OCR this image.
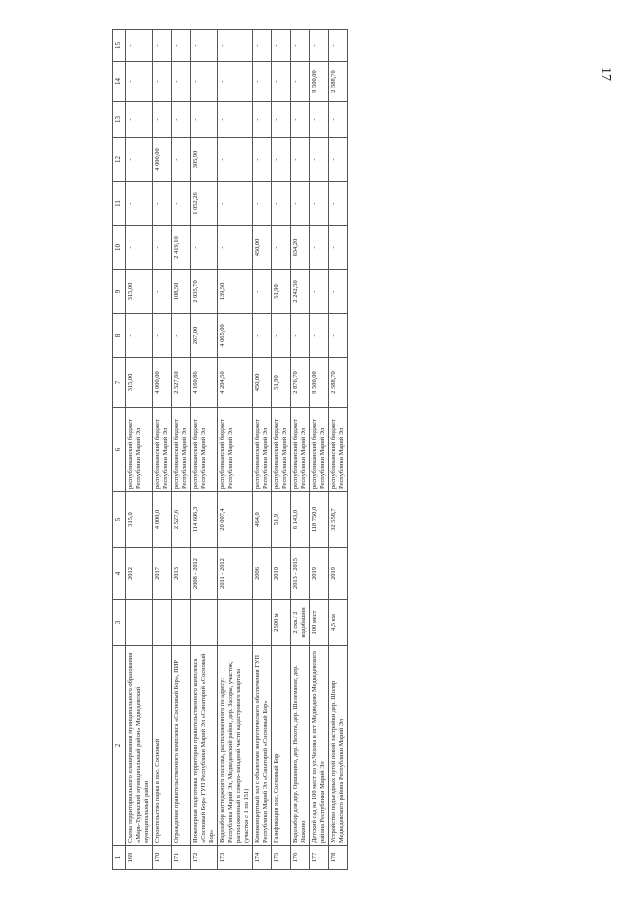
17
1	2	3	4	5	6	7	8	9	10	11	12	13	14	15
169	Схема территориального планирования муниципального образования «Марь-Турекский муниципальный район» Медведевский муниципальный район		2012	315,0	республиканский бюджет Республики Марий Эл	315,00	-	315,00	-	-	-	-	-	-
170	Строительство парка в пос. Сосновый		2017	4 000,0	республиканский бюджет Республики Марий Эл	4 000,00	-	-	-	-	4 000,00	-	-	-
171	Ограждение правительственного комплекса «Сосновый Бор», ПИР		2013	2 527,6	республиканский бюджет Республики Марий Эл	2 527,60	-	108,50	2 419,10	-	-	-	-	-
172	Инженерная подготовка территории правительственного комплекса «Сосновый Бор» ГУП Республики Марий Эл «Санаторий «Сосновый Бор»		2008 - 2012	114 606,3	республиканский бюджет Республики Марий Эл	4 160,86	267,00	2 035,70	-	1 052,26	305,90	-	-	-
173	Водозабор коттеджного поселка, расположенного по адресу: Республика Марий Эл, Медведевский район, дер. Засоры, участок, расположенный в северо-западной части кадастрового квартала (участки с 1 по 151)		2011 - 2012	20 007,4	республиканский бюджет Республики Марий Эл	4 204,50	4 065,00	139,50	-	-	-	-	-	-
174	Киноконцертный зал с объектами энергетического обеспечения ГУП Республики Марий Эл «Санаторий «Сосновый Бор»		2006	464,0	республиканский бюджет Республики Марий Эл	450,00	-	-	450,00	-	-	-	-	-
175	Газификация пос. Сосновый Бор	2500 м	2010	51,9	республиканский бюджет Республики Марий Эл	51,90	-	51,90	-	-	-	-	-	-
176	Водозабор для дер. Оршанино, дер. Нехота, дер. Шелеманат, дер. Яшкино	2 скв./ 2 водобашни	2013 - 2015	6 143,0	республиканский бюджет Республики Марий Эл	2 876,70	-	2 242,50	634,20	-	-	-	-	-
177	Детский сад на 100 мест по ул.Чехова в пгт Медведево Медведевского района Республики Марий Эл	100 мест	2019	118 750,0	республиканский бюджет Республики Марий Эл	9 500,00	-	-	-	-	-	-	9 500,00	-
178	Устройство подъездных путей новой застройки дер. Шоляр Медведевского района Республики Марий Эл	4,5 км	2019	32 558,7	республиканский бюджет Республики Марий Эл	2 588,70	-	-	-	-	-	-	2 588,70	-
